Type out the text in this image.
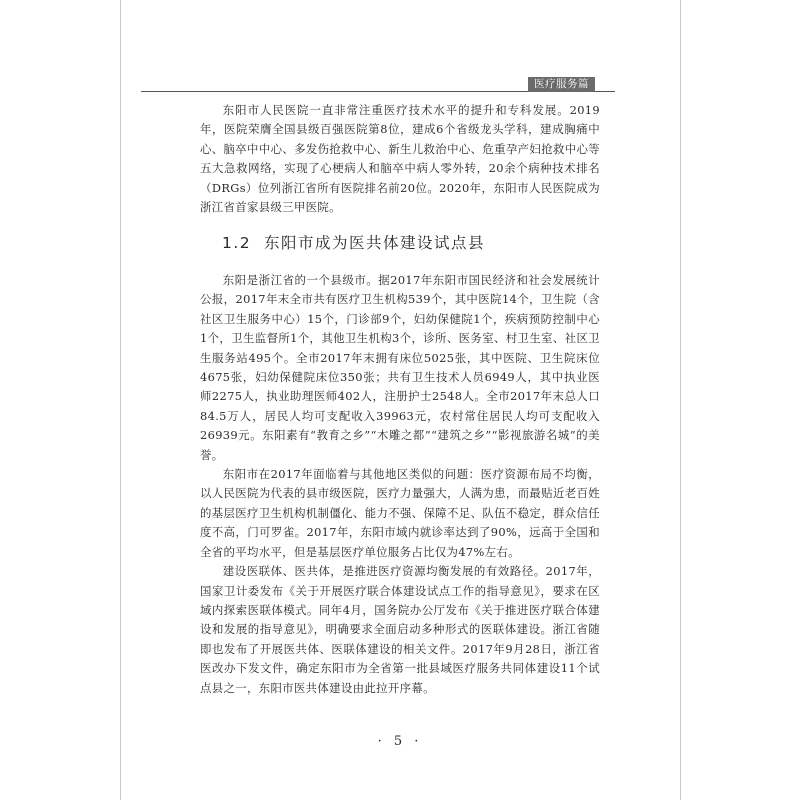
医疗服务篇

东阳市人民医院一直非常注重医疗技术水平的提升和专科发展。2019年，医院荣膺全国县级百强医院第8位，建成6个省级龙头学科，建成胸痛中心、脑卒中中心、多发伤抢救中心、新生儿救治中心、危重孕产妇抢救中心等五大急救网络，实现了心梗病人和脑卒中病人零外转，20余个病种技术排名（DRGs）位列浙江省所有医院排名前20位。2020年，东阳市人民医院成为浙江省首家县级三甲医院。

1.2 东阳市成为医共体建设试点县

东阳是浙江省的一个县级市。据2017年东阳市国民经济和社会发展统计公报，2017年末全市共有医疗卫生机构539个，其中医院14个，卫生院（含社区卫生服务中心）15个，门诊部9个，妇幼保健院1个，疾病预防控制中心1个，卫生监督所1个，其他卫生机构3个，诊所、医务室、村卫生室、社区卫生服务站495个。全市2017年末拥有床位5025张，其中医院、卫生院床位4675张，妇幼保健院床位350张；共有卫生技术人员6949人，其中执业医师2275人，执业助理医师402人，注册护士2548人。全市2017年末总人口84.5万人，居民人均可支配收入39963元，农村常住居民人均可支配收入26939元。东阳素有“教育之乡”“木雕之都”“建筑之乡”“影视旅游名城”的美誉。

东阳市在2017年面临着与其他地区类似的问题：医疗资源布局不均衡，以人民医院为代表的县市级医院，医疗力量强大，人满为患，而最贴近老百姓的基层医疗卫生机构机制僵化、能力不强、保障不足、队伍不稳定，群众信任度不高，门可罗雀。2017年，东阳市域内就诊率达到了90%，远高于全国和全省的平均水平，但是基层医疗单位服务占比仅为47%左右。

建设医联体、医共体，是推进医疗资源均衡发展的有效路径。2017年，国家卫计委发布《关于开展医疗联合体建设试点工作的指导意见》，要求在区域内探索医联体模式。同年4月，国务院办公厅发布《关于推进医疗联合体建设和发展的指导意见》，明确要求全面启动多种形式的医联体建设。浙江省随即也发布了开展医共体、医联体建设的相关文件。2017年9月28日，浙江省医改办下发文件，确定东阳市为全省第一批县域医疗服务共同体建设11个试点县之一，东阳市医共体建设由此拉开序幕。

· 5 ·
